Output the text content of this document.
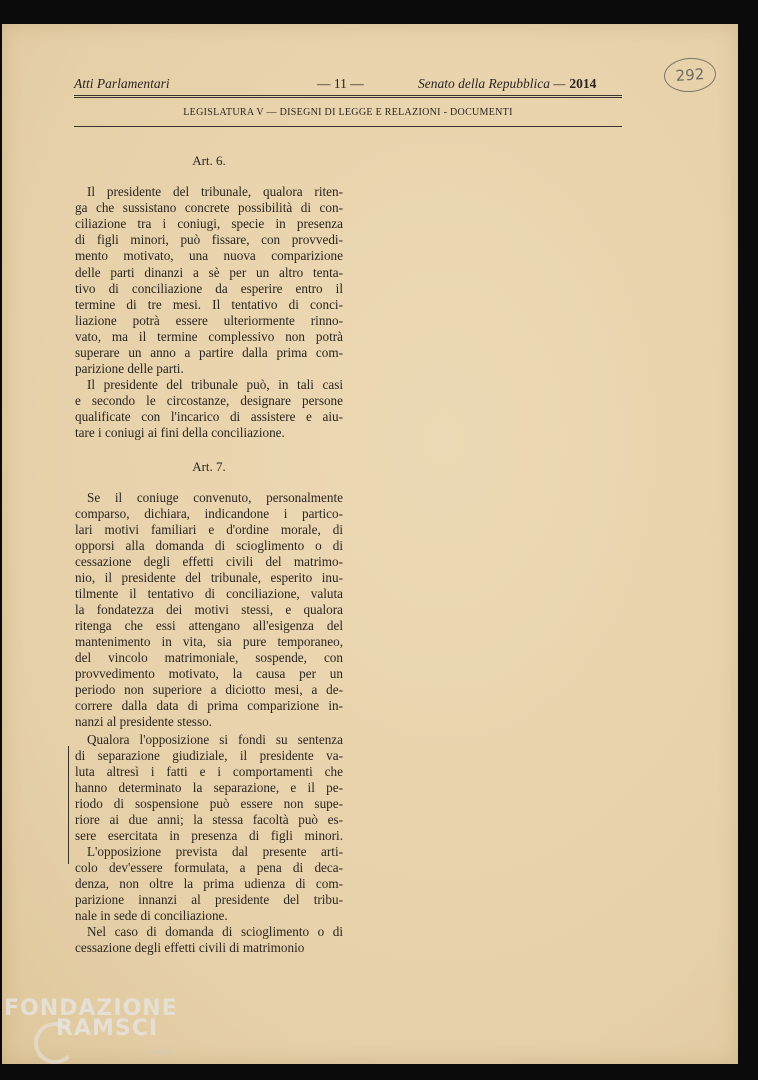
292
Atti Parlamentari	— 11 —	Senato della Repubblica — 2014
LEGISLATURA V — DISEGNI DI LEGGE E RELAZIONI - DOCUMENTI
Art. 6.
Art. 7.
Il presidente del tribunale, qualora riten-
ga che sussistano concrete possibilità di con-
ciliazione tra i coniugi, specie in presenza
di figli minori, può fissare, con provvedi-
mento motivato, una nuova comparizione
delle parti dinanzi a sè per un altro tenta-
tivo di conciliazione da esperire entro il
termine di tre mesi. Il tentativo di conci-
liazione potrà essere ulteriormente rinno-
vato, ma il termine complessivo non potrà
superare un anno a partire dalla prima com-
parizione delle parti.
Il presidente del tribunale può, in tali casi
e secondo le circostanze, designare persone
qualificate con l'incarico di assistere e aiu-
tare i coniugi ai fini della conciliazione.
Se il coniuge convenuto, personalmente
comparso, dichiara, indicandone i partico-
lari motivi familiari e d'ordine morale, di
opporsi alla domanda di scioglimento o di
cessazione degli effetti civili del matrimo-
nio, il presidente del tribunale, esperito inu-
tilmente il tentativo di conciliazione, valuta
la fondatezza dei motivi stessi, e qualora
ritenga che essi attengano all'esigenza del
mantenimento in vita, sia pure temporaneo,
del vincolo matrimoniale, sospende, con
provvedimento motivato, la causa per un
periodo non superiore a diciotto mesi, a de-
correre dalla data di prima comparizione in-
nanzi al presidente stesso.
Qualora l'opposizione si fondi su sentenza
di separazione giudiziale, il presidente va-
luta altresì i fatti e i comportamenti che
hanno determinato la separazione, e il pe-
riodo di sospensione può essere non supe-
riore ai due anni; la stessa facoltà può es-
sere esercitata in presenza di figli minori.
L'opposizione prevista dal presente arti-
colo dev'essere formulata, a pena di deca-
denza, non oltre la prima udienza di com-
parizione innanzi al presidente del tribu-
nale in sede di conciliazione.
Nel caso di domanda di scioglimento o di
cessazione degli effetti civili di matrimonio
FONDAZIONE
RAMSCI
onlus
